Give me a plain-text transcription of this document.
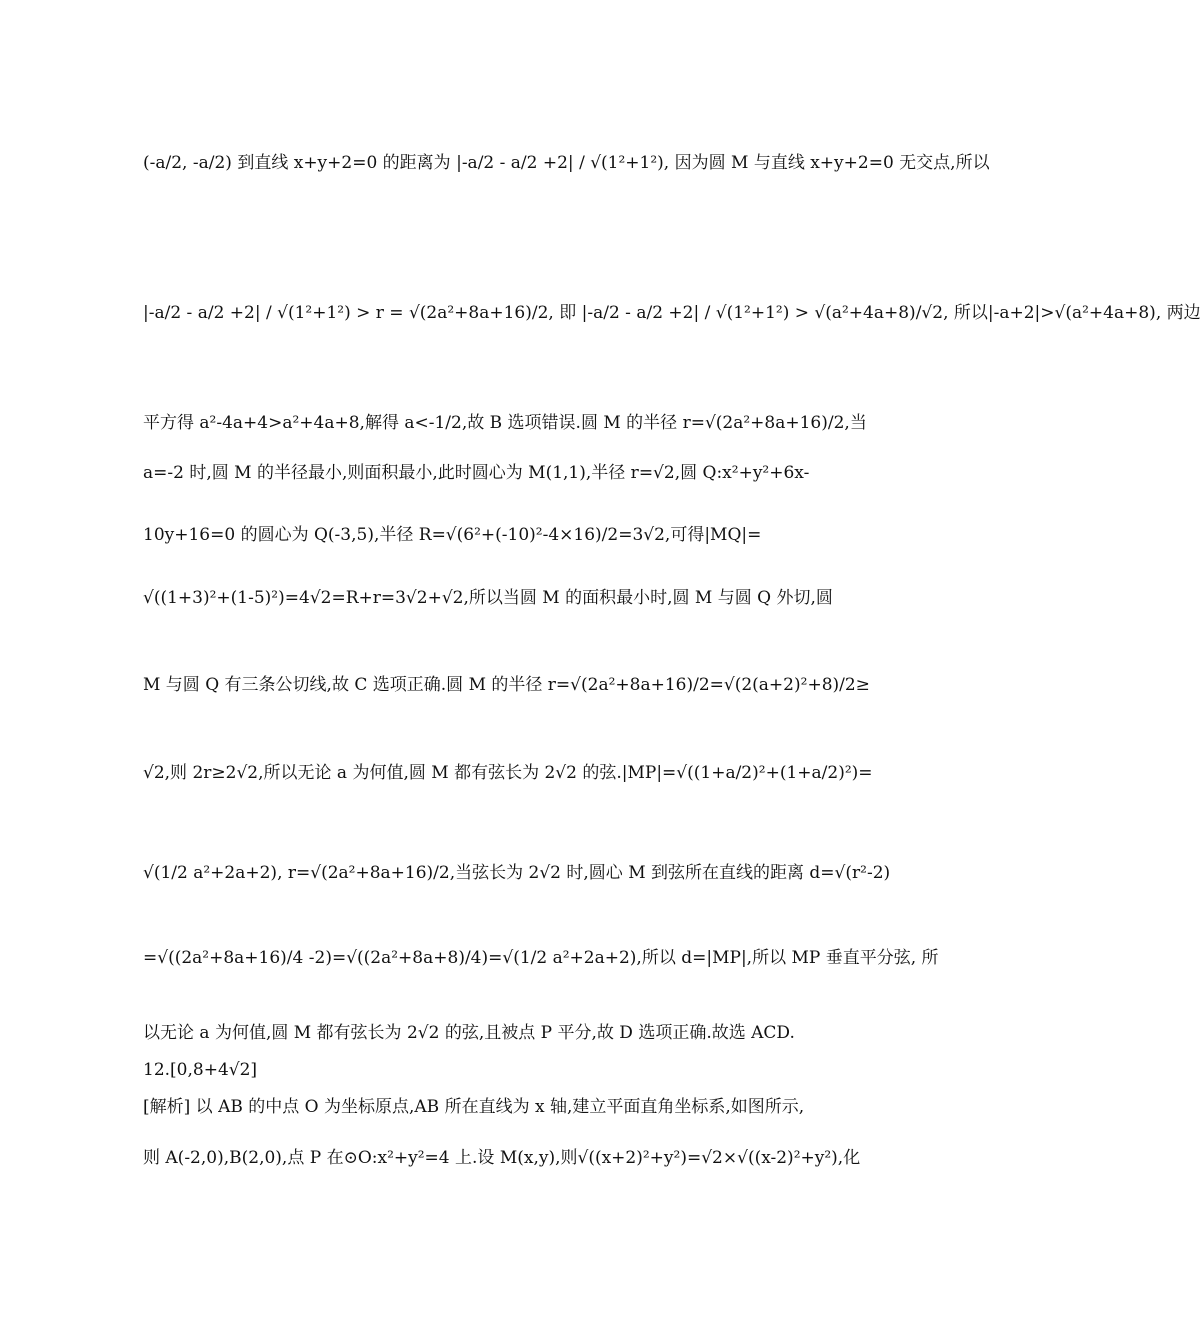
(-a/2, -a/2) 到直线 x+y+2=0 的距离为 |-a/2 - a/2 +2| / √(1²+1²), 因为圆 M 与直线 x+y+2=0 无交点,所以
|-a/2 - a/2 +2| / √(1²+1²) > r = √(2a²+8a+16)/2, 即 |-a/2 - a/2 +2| / √(1²+1²) > √(a²+4a+8)/√2, 所以|-a+2|>√(a²+4a+8), 两边
平方得 a²-4a+4>a²+4a+8,解得 a<-1/2,故 B 选项错误.圆 M 的半径 r=√(2a²+8a+16)/2,当
a=-2 时,圆 M 的半径最小,则面积最小,此时圆心为 M(1,1),半径 r=√2,圆 Q:x²+y²+6x-
10y+16=0 的圆心为 Q(-3,5),半径 R=√(6²+(-10)²-4×16)/2=3√2,可得|MQ|=
√((1+3)²+(1-5)²)=4√2=R+r=3√2+√2,所以当圆 M 的面积最小时,圆 M 与圆 Q 外切,圆
M 与圆 Q 有三条公切线,故 C 选项正确.圆 M 的半径 r=√(2a²+8a+16)/2=√(2(a+2)²+8)/2≥
√2,则 2r≥2√2,所以无论 a 为何值,圆 M 都有弦长为 2√2 的弦.|MP|=√((1+a/2)²+(1+a/2)²)=
√(1/2 a²+2a+2), r=√(2a²+8a+16)/2,当弦长为 2√2 时,圆心 M 到弦所在直线的距离 d=√(r²-2)
=√((2a²+8a+16)/4 -2)=√((2a²+8a+8)/4)=√(1/2 a²+2a+2),所以 d=|MP|,所以 MP 垂直平分弦, 所
以无论 a 为何值,圆 M 都有弦长为 2√2 的弦,且被点 P 平分,故 D 选项正确.故选 ACD.
12.[0,8+4√2]
[解析] 以 AB 的中点 O 为坐标原点,AB 所在直线为 x 轴,建立平面直角坐标系,如图所示,
则 A(-2,0),B(2,0),点 P 在⊙O:x²+y²=4 上.设 M(x,y),则√((x+2)²+y²)=√2×√((x-2)²+y²),化
